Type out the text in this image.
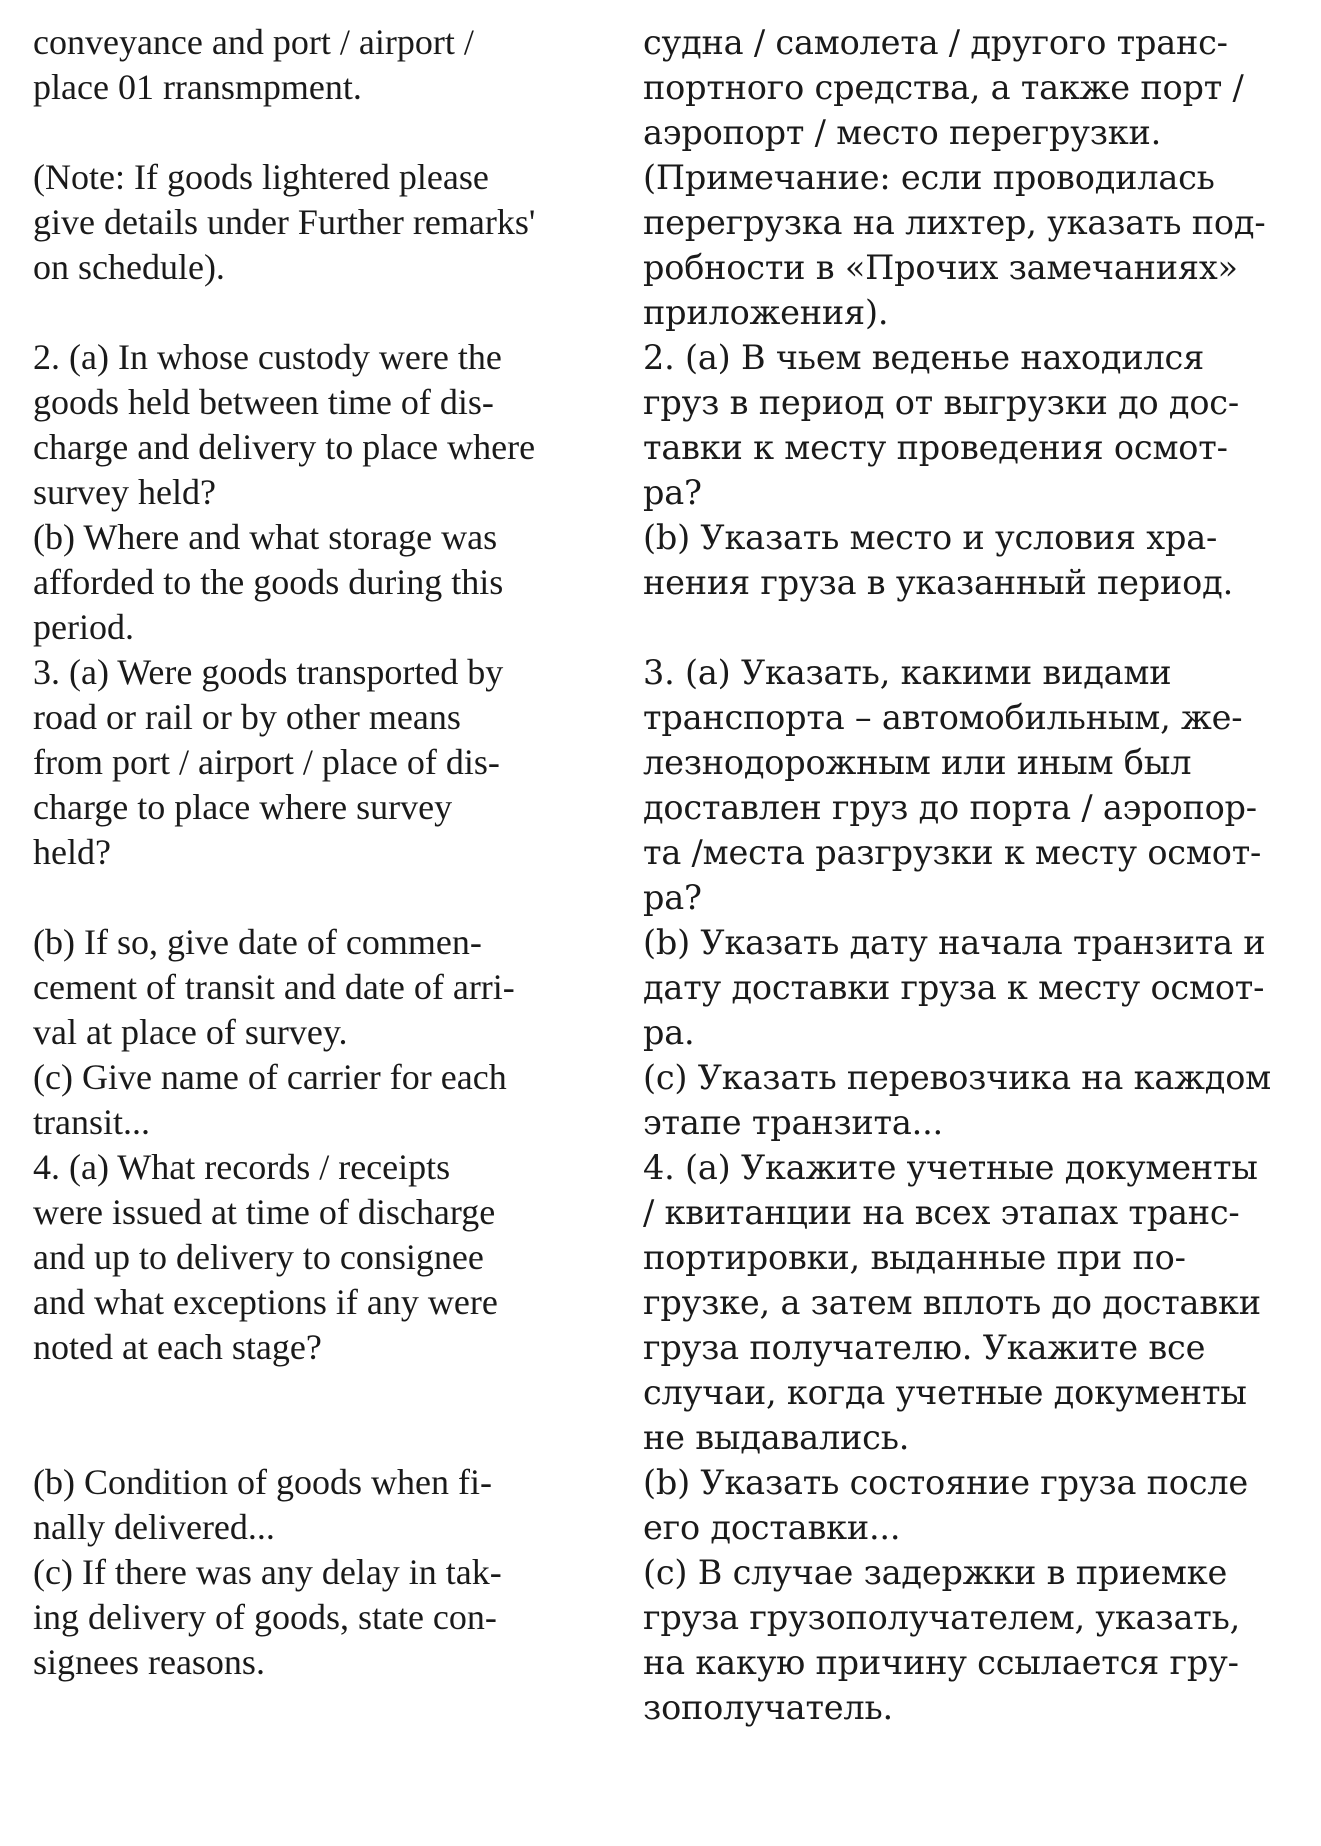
conveyance and port / airport /
place 01 rransmpment.
судна / самолета / другого транс-
портного средства, а также порт /
аэропорт / место перегрузки.
(Note: If goods lightered please
give details under Further remarks'
on schedule).
(Примечание: если проводилась
перегрузка на лихтер, указать под-
робности в «Прочих замечаниях»
приложения).
2. (a) In whose custody were the
goods held between time of dis-
charge and delivery to place where
survey held?
2. (a) В чьем веденье находился
груз в период от выгрузки до дос-
тавки к месту проведения осмот-
ра?
(b) Where and what storage was
afforded to the goods during this
period.
(b) Указать место и условия хра-
нения груза в указанный период.
3. (a) Were goods transported by
road or rail or by other means
from port / airport / place of dis-
charge to place where survey
held?
3. (a) Указать, какими видами
транспорта – автомобильным, же-
лезнодорожным или иным был
доставлен груз до порта / аэропор-
та /места разгрузки к месту осмот-
ра?
(b) If so, give date of commen-
cement of transit and date of arri-
val at place of survey.
(b) Указать дату начала транзита и
дату доставки груза к месту осмот-
ра.
(c) Give name of carrier for each
transit...
(c) Указать перевозчика на каждом
этапе транзита...
4. (a) What records / receipts
were issued at time of discharge
and up to delivery to consignee
and what exceptions if any were
noted at each stage?
4. (a) Укажите учетные документы
/ квитанции на всех этапах транс-
портировки, выданные при по-
грузке, а затем вплоть до доставки
груза получателю. Укажите все
случаи, когда учетные документы
не выдавались.
(b) Condition of goods when fi-
nally delivered...
(b) Указать состояние груза после
его доставки...
(c) If there was any delay in tak-
ing delivery of goods, state con-
signees reasons.
(c) В случае задержки в приемке
груза грузополучателем, указать,
на какую причину ссылается гру-
зополучатель.
